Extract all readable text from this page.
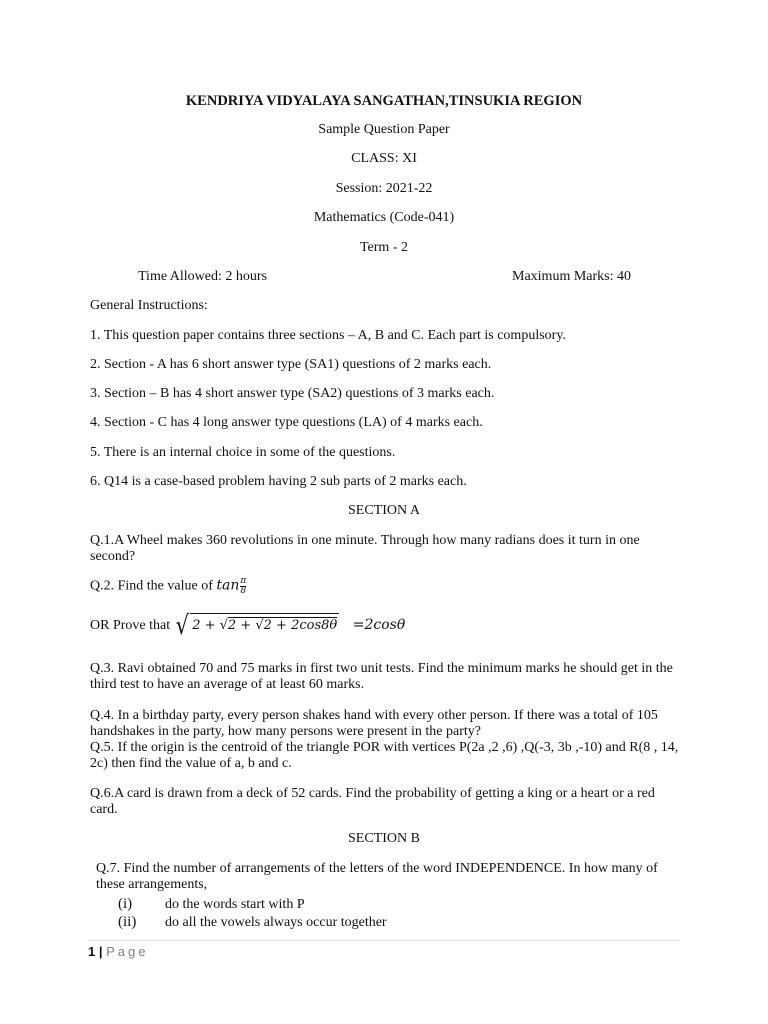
KENDRIYA VIDYALAYA SANGATHAN,TINSUKIA REGION
Sample Question Paper
CLASS: XI
Session: 2021-22
Mathematics (Code-041)
Term - 2
Time Allowed: 2 hours	Maximum Marks: 40
General Instructions:
1. This question paper contains three sections – A, B and C. Each part is compulsory.
2. Section - A has 6 short answer type (SA1) questions of 2 marks each.
3. Section – B has 4 short answer type (SA2) questions of 3 marks each.
4. Section - C has 4 long answer type questions (LA) of 4 marks each.
5. There is an internal choice in some of the questions.
6. Q14 is a case-based problem having 2 sub parts of 2 marks each.
SECTION A
Q.1.A Wheel makes 360 revolutions in one minute. Through how many radians does it turn in one second?
Q.2. Find the value of $\tan \frac{\pi}{8}$
OR Prove that √ 2 + √2 + √2 + 2cos8θ =2cosθ
Q.3. Ravi obtained 70 and 75 marks in first two unit tests. Find the minimum marks he should get in the third test to have an average of at least 60 marks.
Q.4. In a birthday party, every person shakes hand with every other person. If there was a total of 105 handshakes in the party, how many persons were present in the party?
Q.5. If the origin is the centroid of the triangle POR with vertices P(2a ,2 ,6) ,Q(-3, 3b ,-10) and R(8 , 14, 2c) then find the value of a, b and c.
Q.6.A card is drawn from a deck of 52 cards. Find the probability of getting a king or a heart or a red card.
SECTION B
Q.7. Find the number of arrangements of the letters of the word INDEPENDENCE. In how many of these arrangements,
(i)	do the words start with P
(ii)	do all the vowels always occur together
1 | Page
